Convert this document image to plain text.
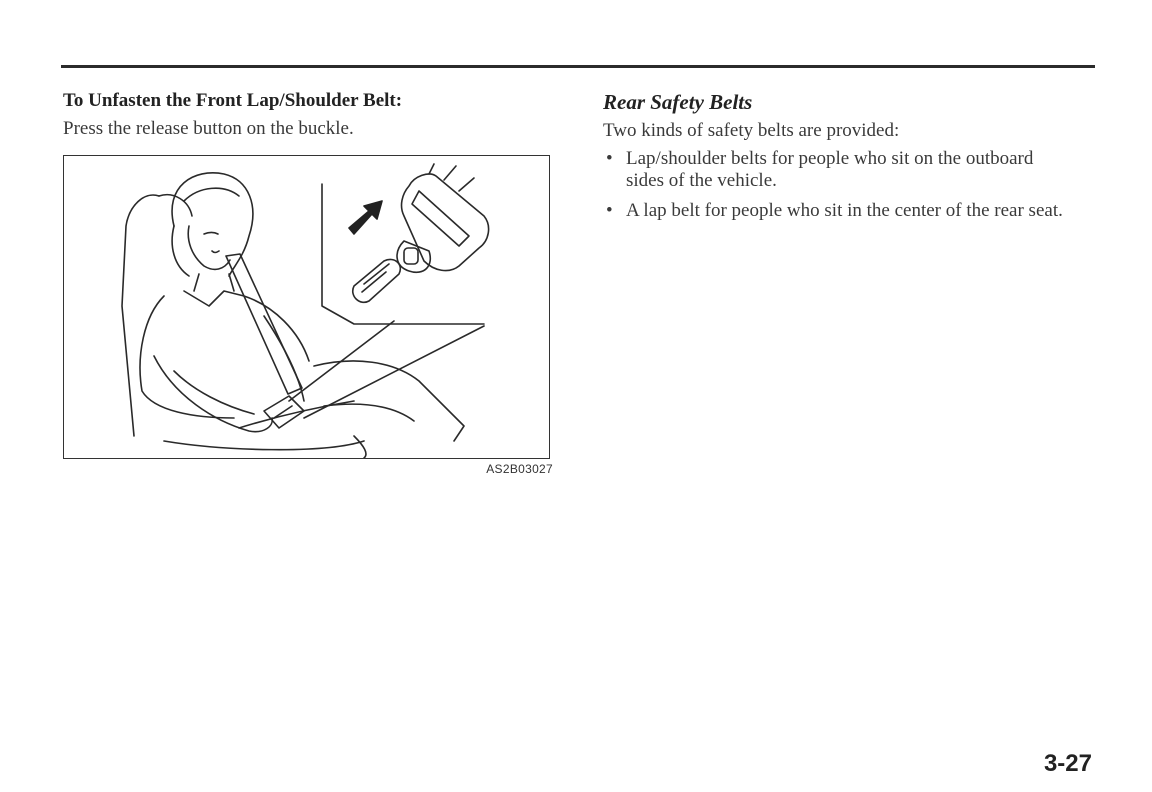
To Unfasten the Front Lap/Shoulder Belt:

Press the release button on the buckle.

AS2B03027
Rear Safety Belts

Two kinds of safety belts are provided:

• Lap/shoulder belts for people who sit on the outboard sides of the vehicle.
• A lap belt for people who sit in the center of the rear seat.
3-27
